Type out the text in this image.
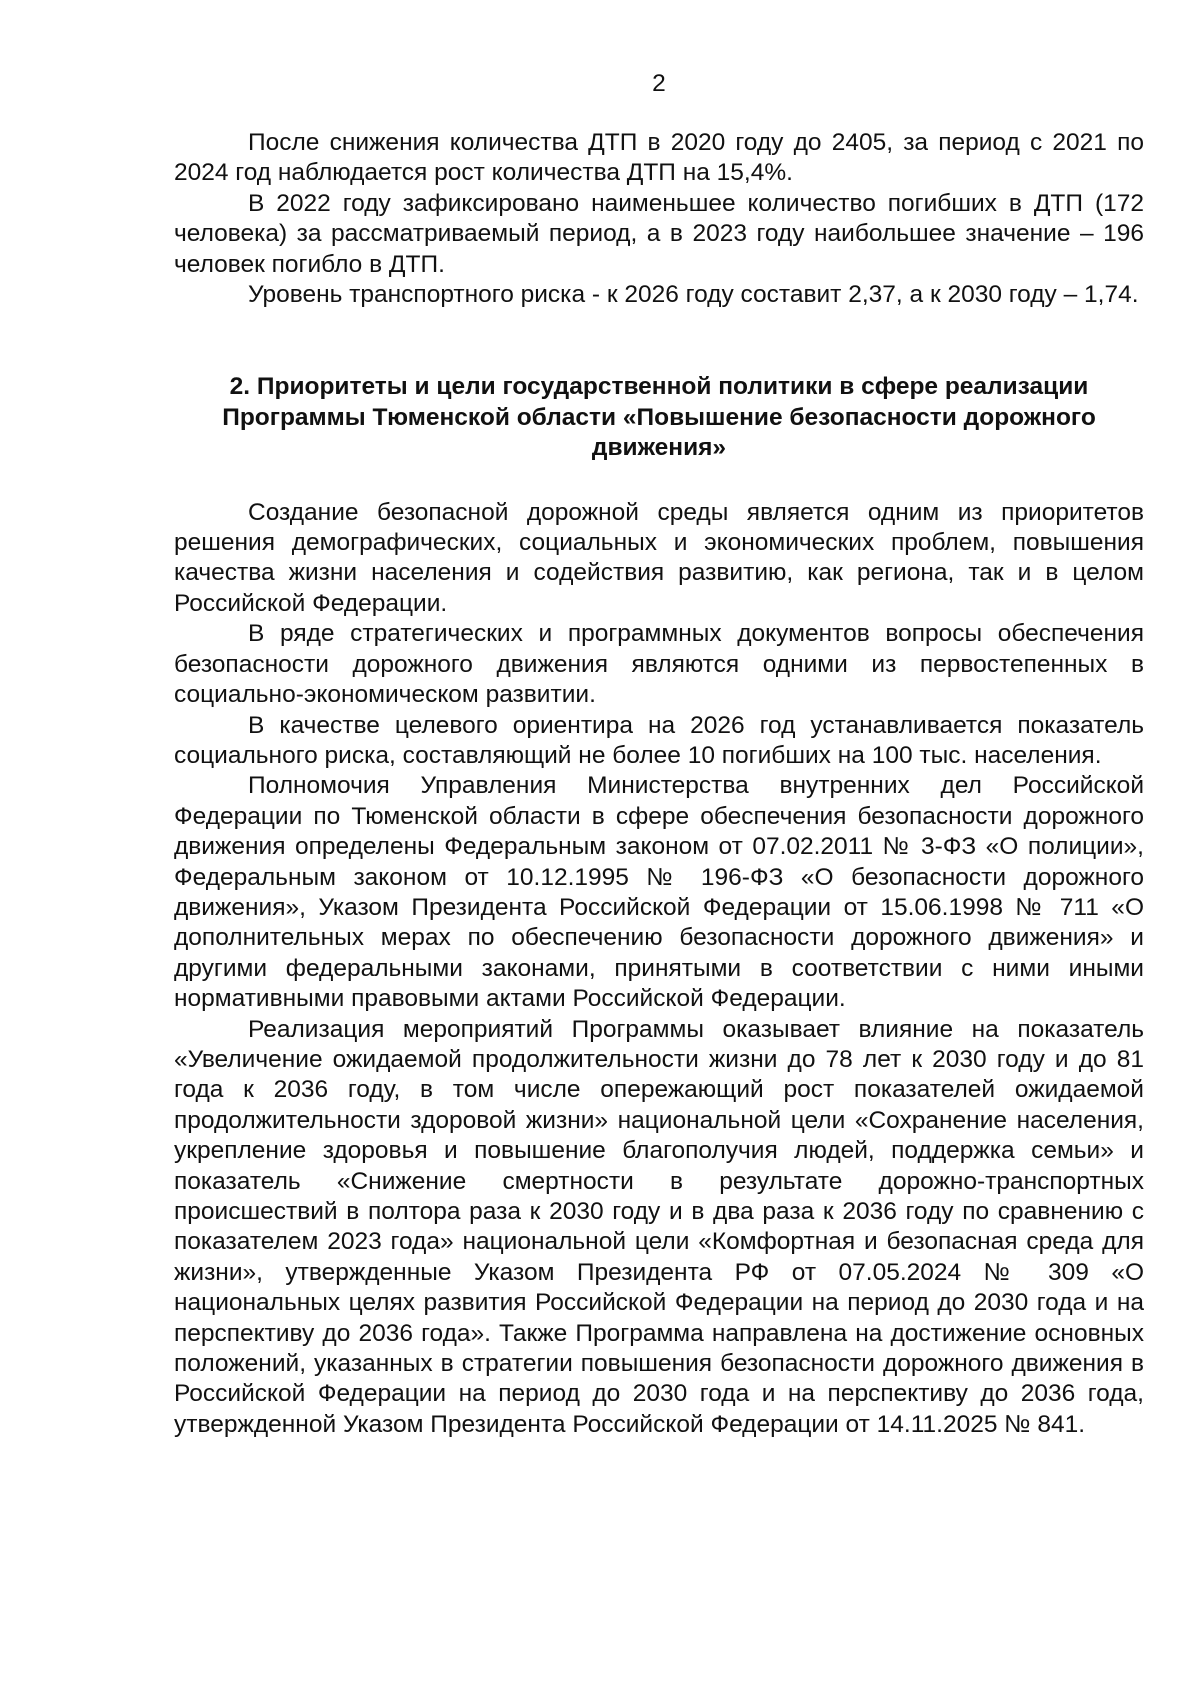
2

После снижения количества ДТП в 2020 году до 2405, за период с 2021 по 2024 год наблюдается рост количества ДТП на 15,4%.

В 2022 году зафиксировано наименьшее количество погибших в ДТП (172 человека) за рассматриваемый период, а в 2023 году наибольшее значение – 196 человек погибло в ДТП.

Уровень транспортного риска - к 2026 году составит 2,37, а к 2030 году – 1,74.

2. Приоритеты и цели государственной политики в сфере реализации Программы Тюменской области «Повышение безопасности дорожного движения»

Создание безопасной дорожной среды является одним из приоритетов решения демографических, социальных и экономических проблем, повышения качества жизни населения и содействия развитию, как региона, так и в целом Российской Федерации.

В ряде стратегических и программных документов вопросы обеспечения безопасности дорожного движения являются одними из первостепенных в социально-экономическом развитии.

В качестве целевого ориентира на 2026 год устанавливается показатель социального риска, составляющий не более 10 погибших на 100 тыс. населения.

Полномочия Управления Министерства внутренних дел Российской Федерации по Тюменской области в сфере обеспечения безопасности дорожного движения определены Федеральным законом от 07.02.2011 № 3-ФЗ «О полиции», Федеральным законом от 10.12.1995 № 196-ФЗ «О безопасности дорожного движения», Указом Президента Российской Федерации от 15.06.1998 № 711 «О дополнительных мерах по обеспечению безопасности дорожного движения» и другими федеральными законами, принятыми в соответствии с ними иными нормативными правовыми актами Российской Федерации.

Реализация мероприятий Программы оказывает влияние на показатель «Увеличение ожидаемой продолжительности жизни до 78 лет к 2030 году и до 81 года к 2036 году, в том числе опережающий рост показателей ожидаемой продолжительности здоровой жизни» национальной цели «Сохранение населения, укрепление здоровья и повышение благополучия людей, поддержка семьи» и показатель «Снижение смертности в результате дорожно-транспортных происшествий в полтора раза к 2030 году и в два раза к 2036 году по сравнению с показателем 2023 года» национальной цели «Комфортная и безопасная среда для жизни», утвержденные Указом Президента РФ от 07.05.2024 № 309 «О национальных целях развития Российской Федерации на период до 2030 года и на перспективу до 2036 года». Также Программа направлена на достижение основных положений, указанных в стратегии повышения безопасности дорожного движения в Российской Федерации на период до 2030 года и на перспективу до 2036 года, утвержденной Указом Президента Российской Федерации от 14.11.2025 № 841.
